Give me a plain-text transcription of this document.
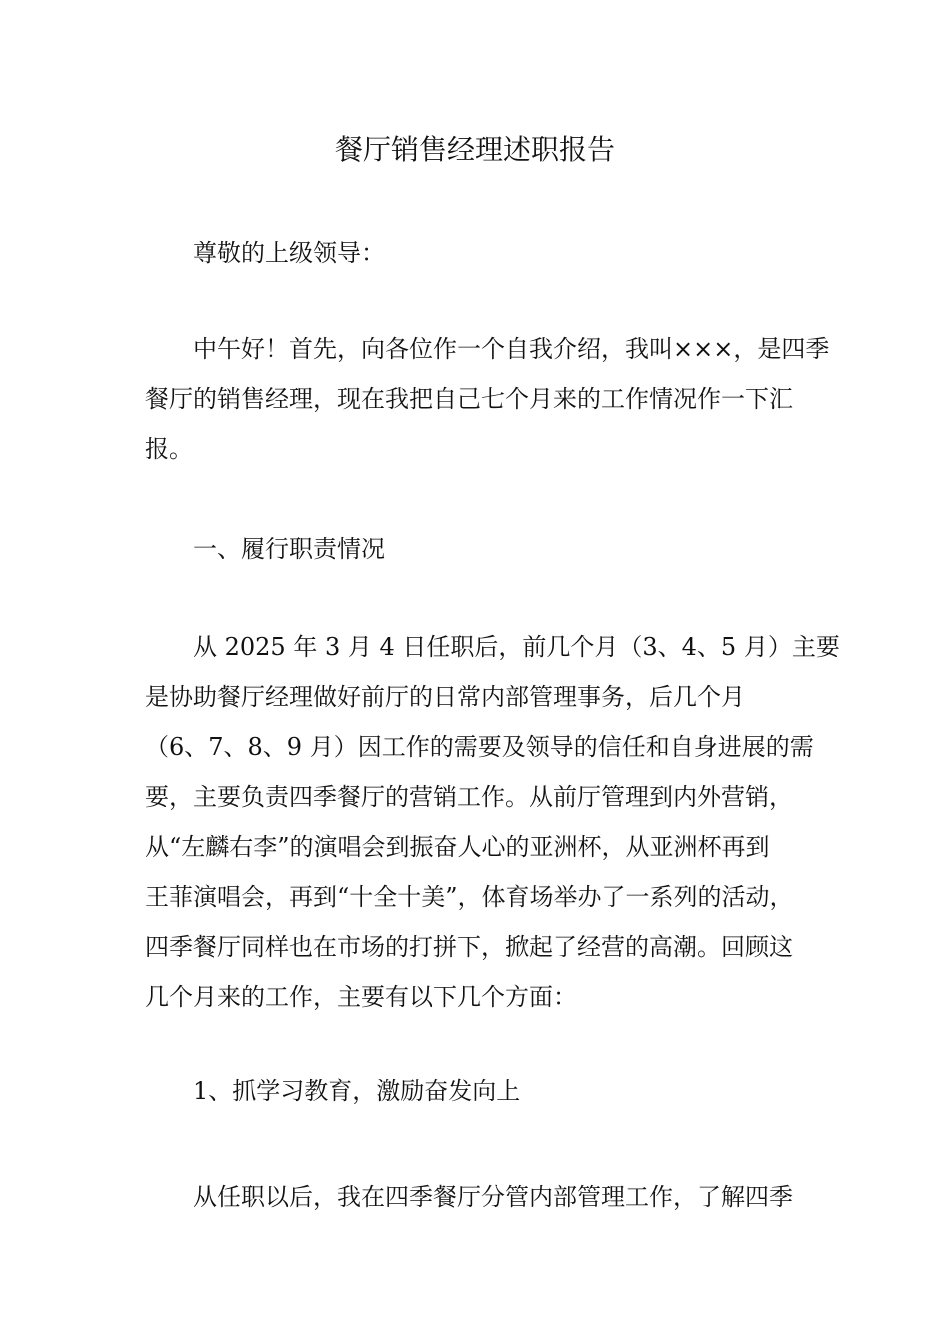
餐厅销售经理述职报告

尊敬的上级领导：

中午好！首先，向各位作一个自我介绍，我叫×××，是四季
餐厅的销售经理，现在我把自己七个月来的工作情况作一下汇
报。

一、履行职责情况

从 2025 年 3 月 4 日任职后，前几个月（3、4、5 月）主要
是协助餐厅经理做好前厅的日常内部管理事务，后几个月
（6、7、8、9 月）因工作的需要及领导的信任和自身进展的需
要，主要负责四季餐厅的营销工作。从前厅管理到内外营销，
从“左麟右李”的演唱会到振奋人心的亚洲杯，从亚洲杯再到
王菲演唱会，再到“十全十美”，体育场举办了一系列的活动，
四季餐厅同样也在市场的打拼下，掀起了经营的高潮。回顾这
几个月来的工作，主要有以下几个方面：

1、抓学习教育，激励奋发向上

从任职以后，我在四季餐厅分管内部管理工作，了解四季
